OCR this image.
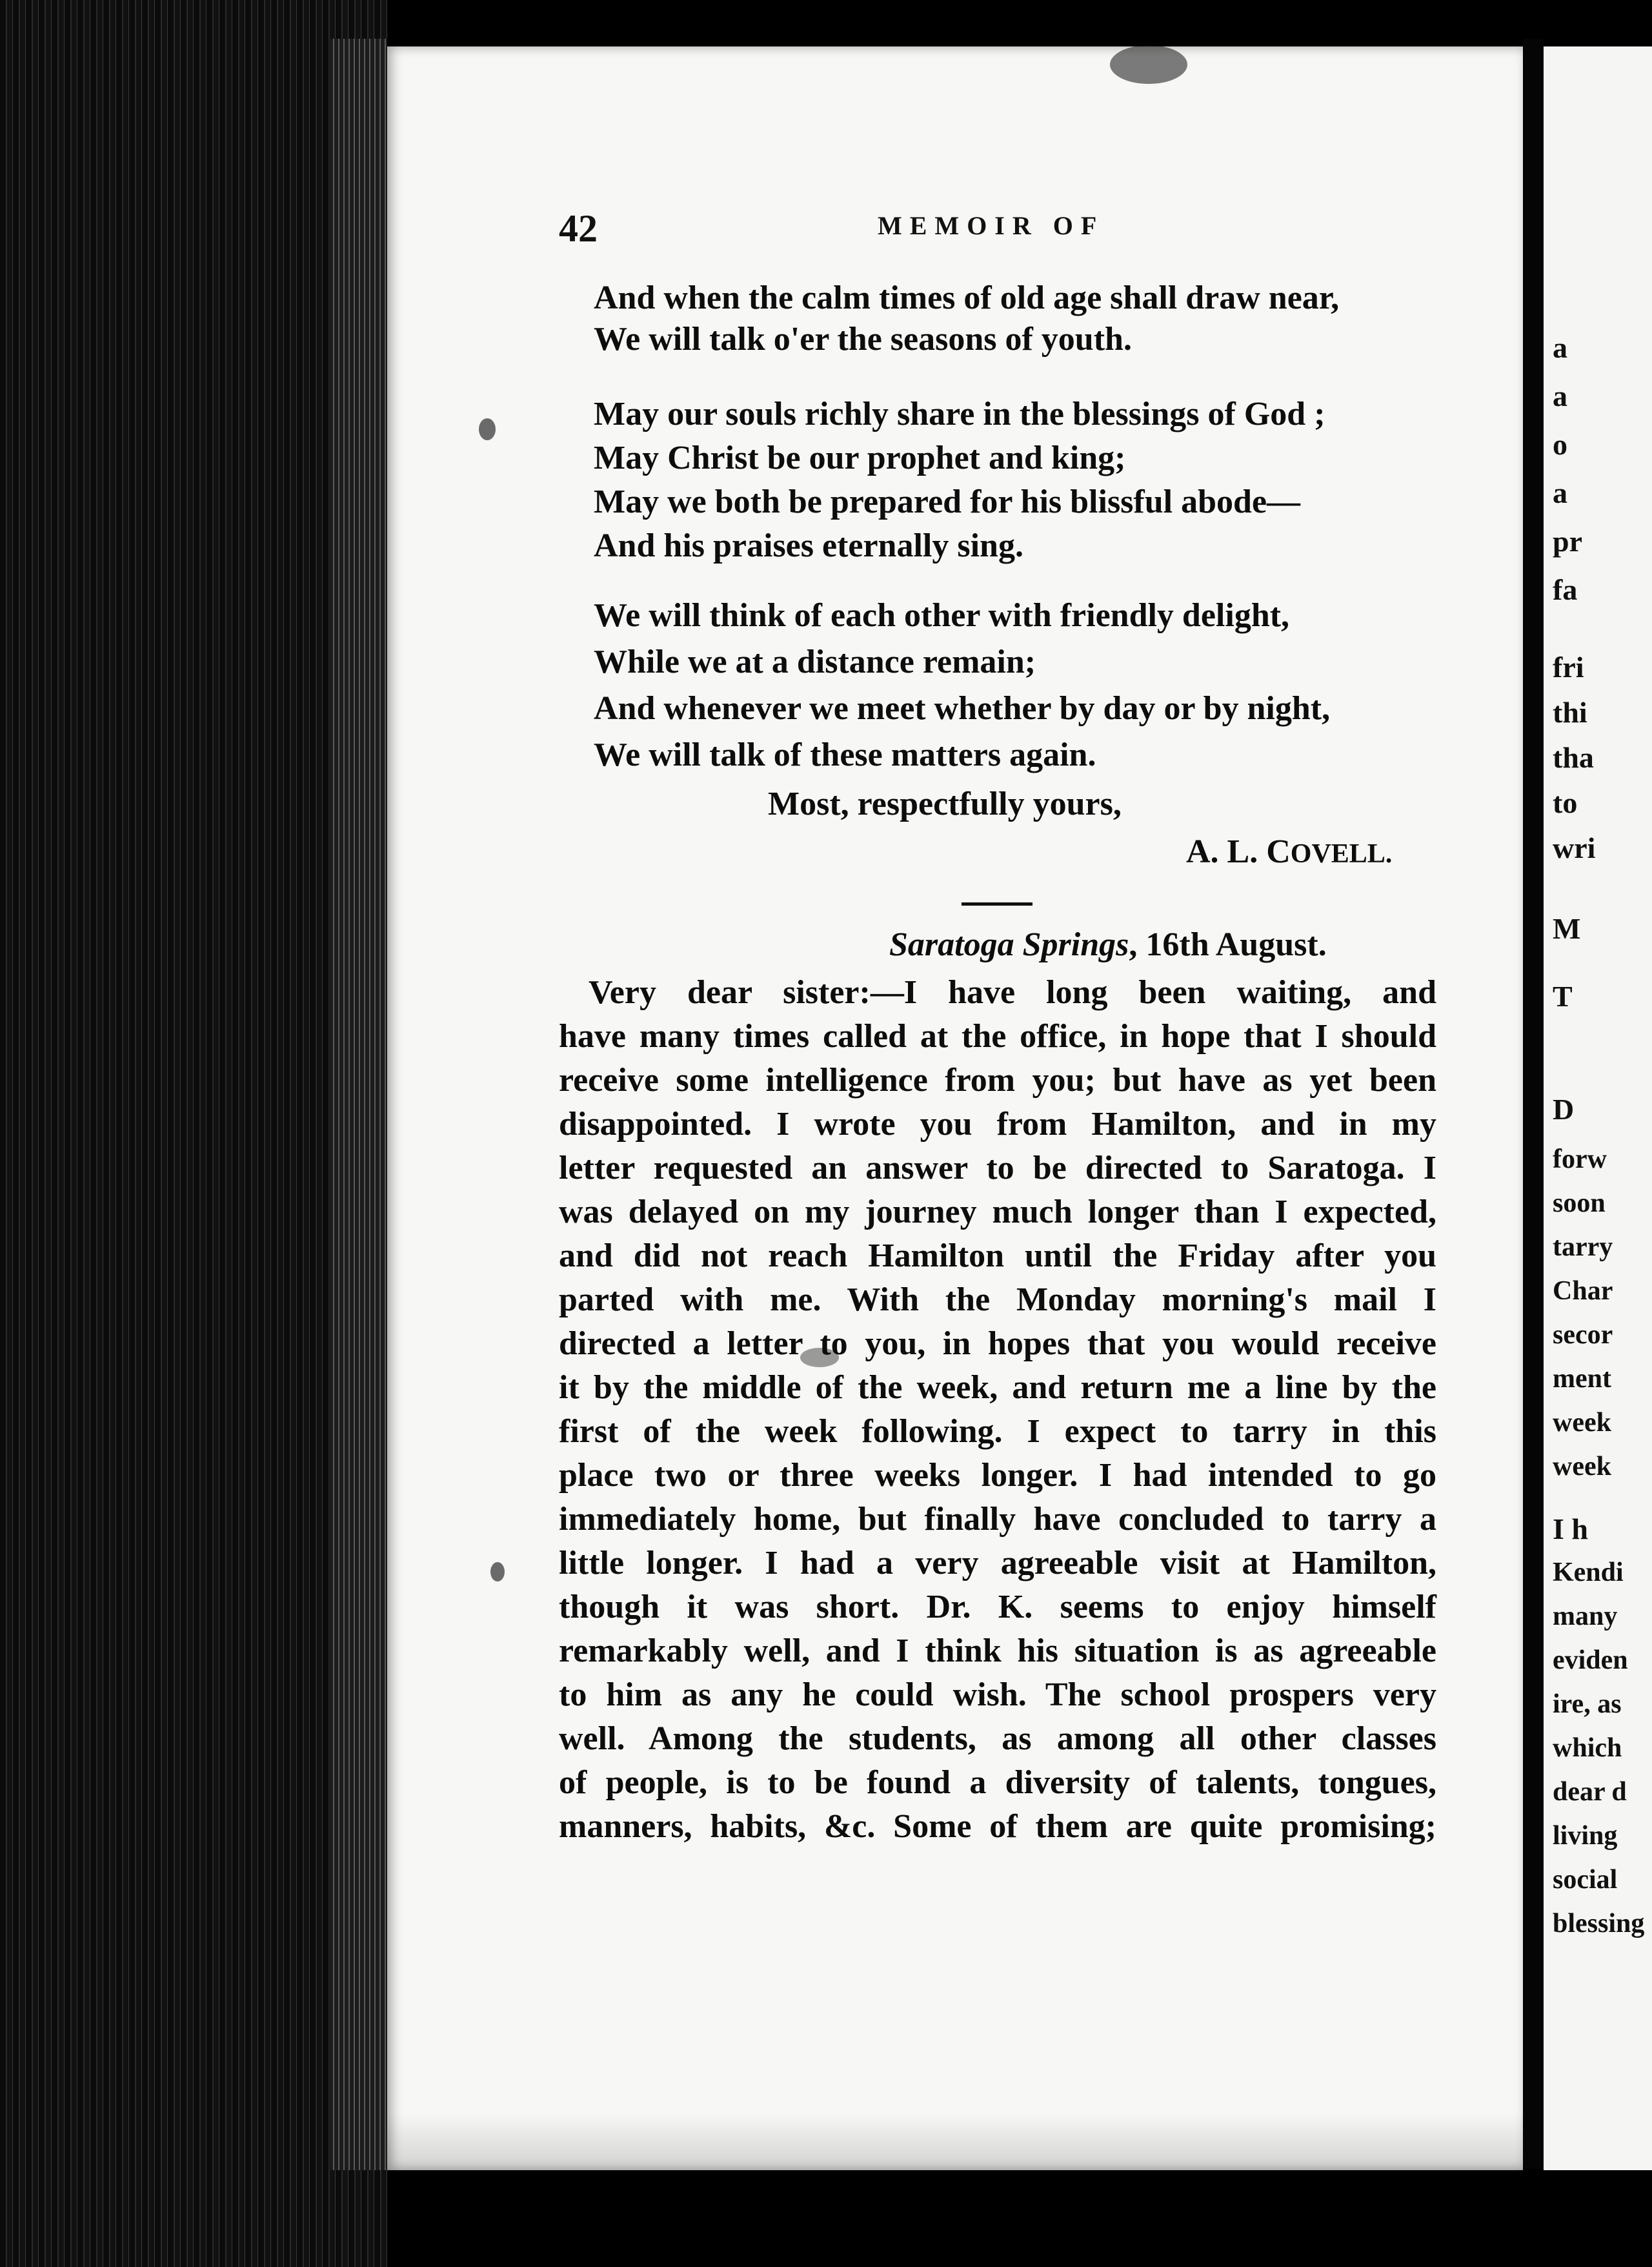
a
a
o
a
pr
fa
fri
thi
tha
to
wri
M
T
D
forw
soon
tarry
Char
secor
ment
week
week
I h
Kendi
many
eviden
ire, as
which
dear d
living
social
blessing
42	MEMOIR OF
And when the calm times of old age shall draw near,
We will talk o'er the seasons of youth.
May our souls richly share in the blessings of God ;
May Christ be our prophet and king;
May we both be prepared for his blissful abode—
And his praises eternally sing.
We will think of each other with friendly delight,
While we at a distance remain;
And whenever we meet whether by day or by night,
We will talk of these matters again.
Most, respectfully yours,
A. L. COVELL.
Saratoga Springs, 16th August.
Very dear sister:—I have long been waiting, and
have many times called at the office, in hope that I should
receive some intelligence from you; but have as yet been
disappointed. I wrote you from Hamilton, and in my
letter requested an answer to be directed to Saratoga. I
was delayed on my journey much longer than I expected,
and did not reach Hamilton until the Friday after you
parted with me. With the Monday morning's mail I
directed a letter to you, in hopes that you would receive
it by the middle of the week, and return me a line by the
first of the week following. I expect to tarry in this
place two or three weeks longer. I had intended to go
immediately home, but finally have concluded to tarry a
little longer. I had a very agreeable visit at Hamilton,
though it was short. Dr. K. seems to enjoy himself
remarkably well, and I think his situation is as agreeable
to him as any he could wish. The school prospers very
well. Among the students, as among all other classes
of people, is to be found a diversity of talents, tongues,
manners, habits, &c. Some of them are quite promising;
